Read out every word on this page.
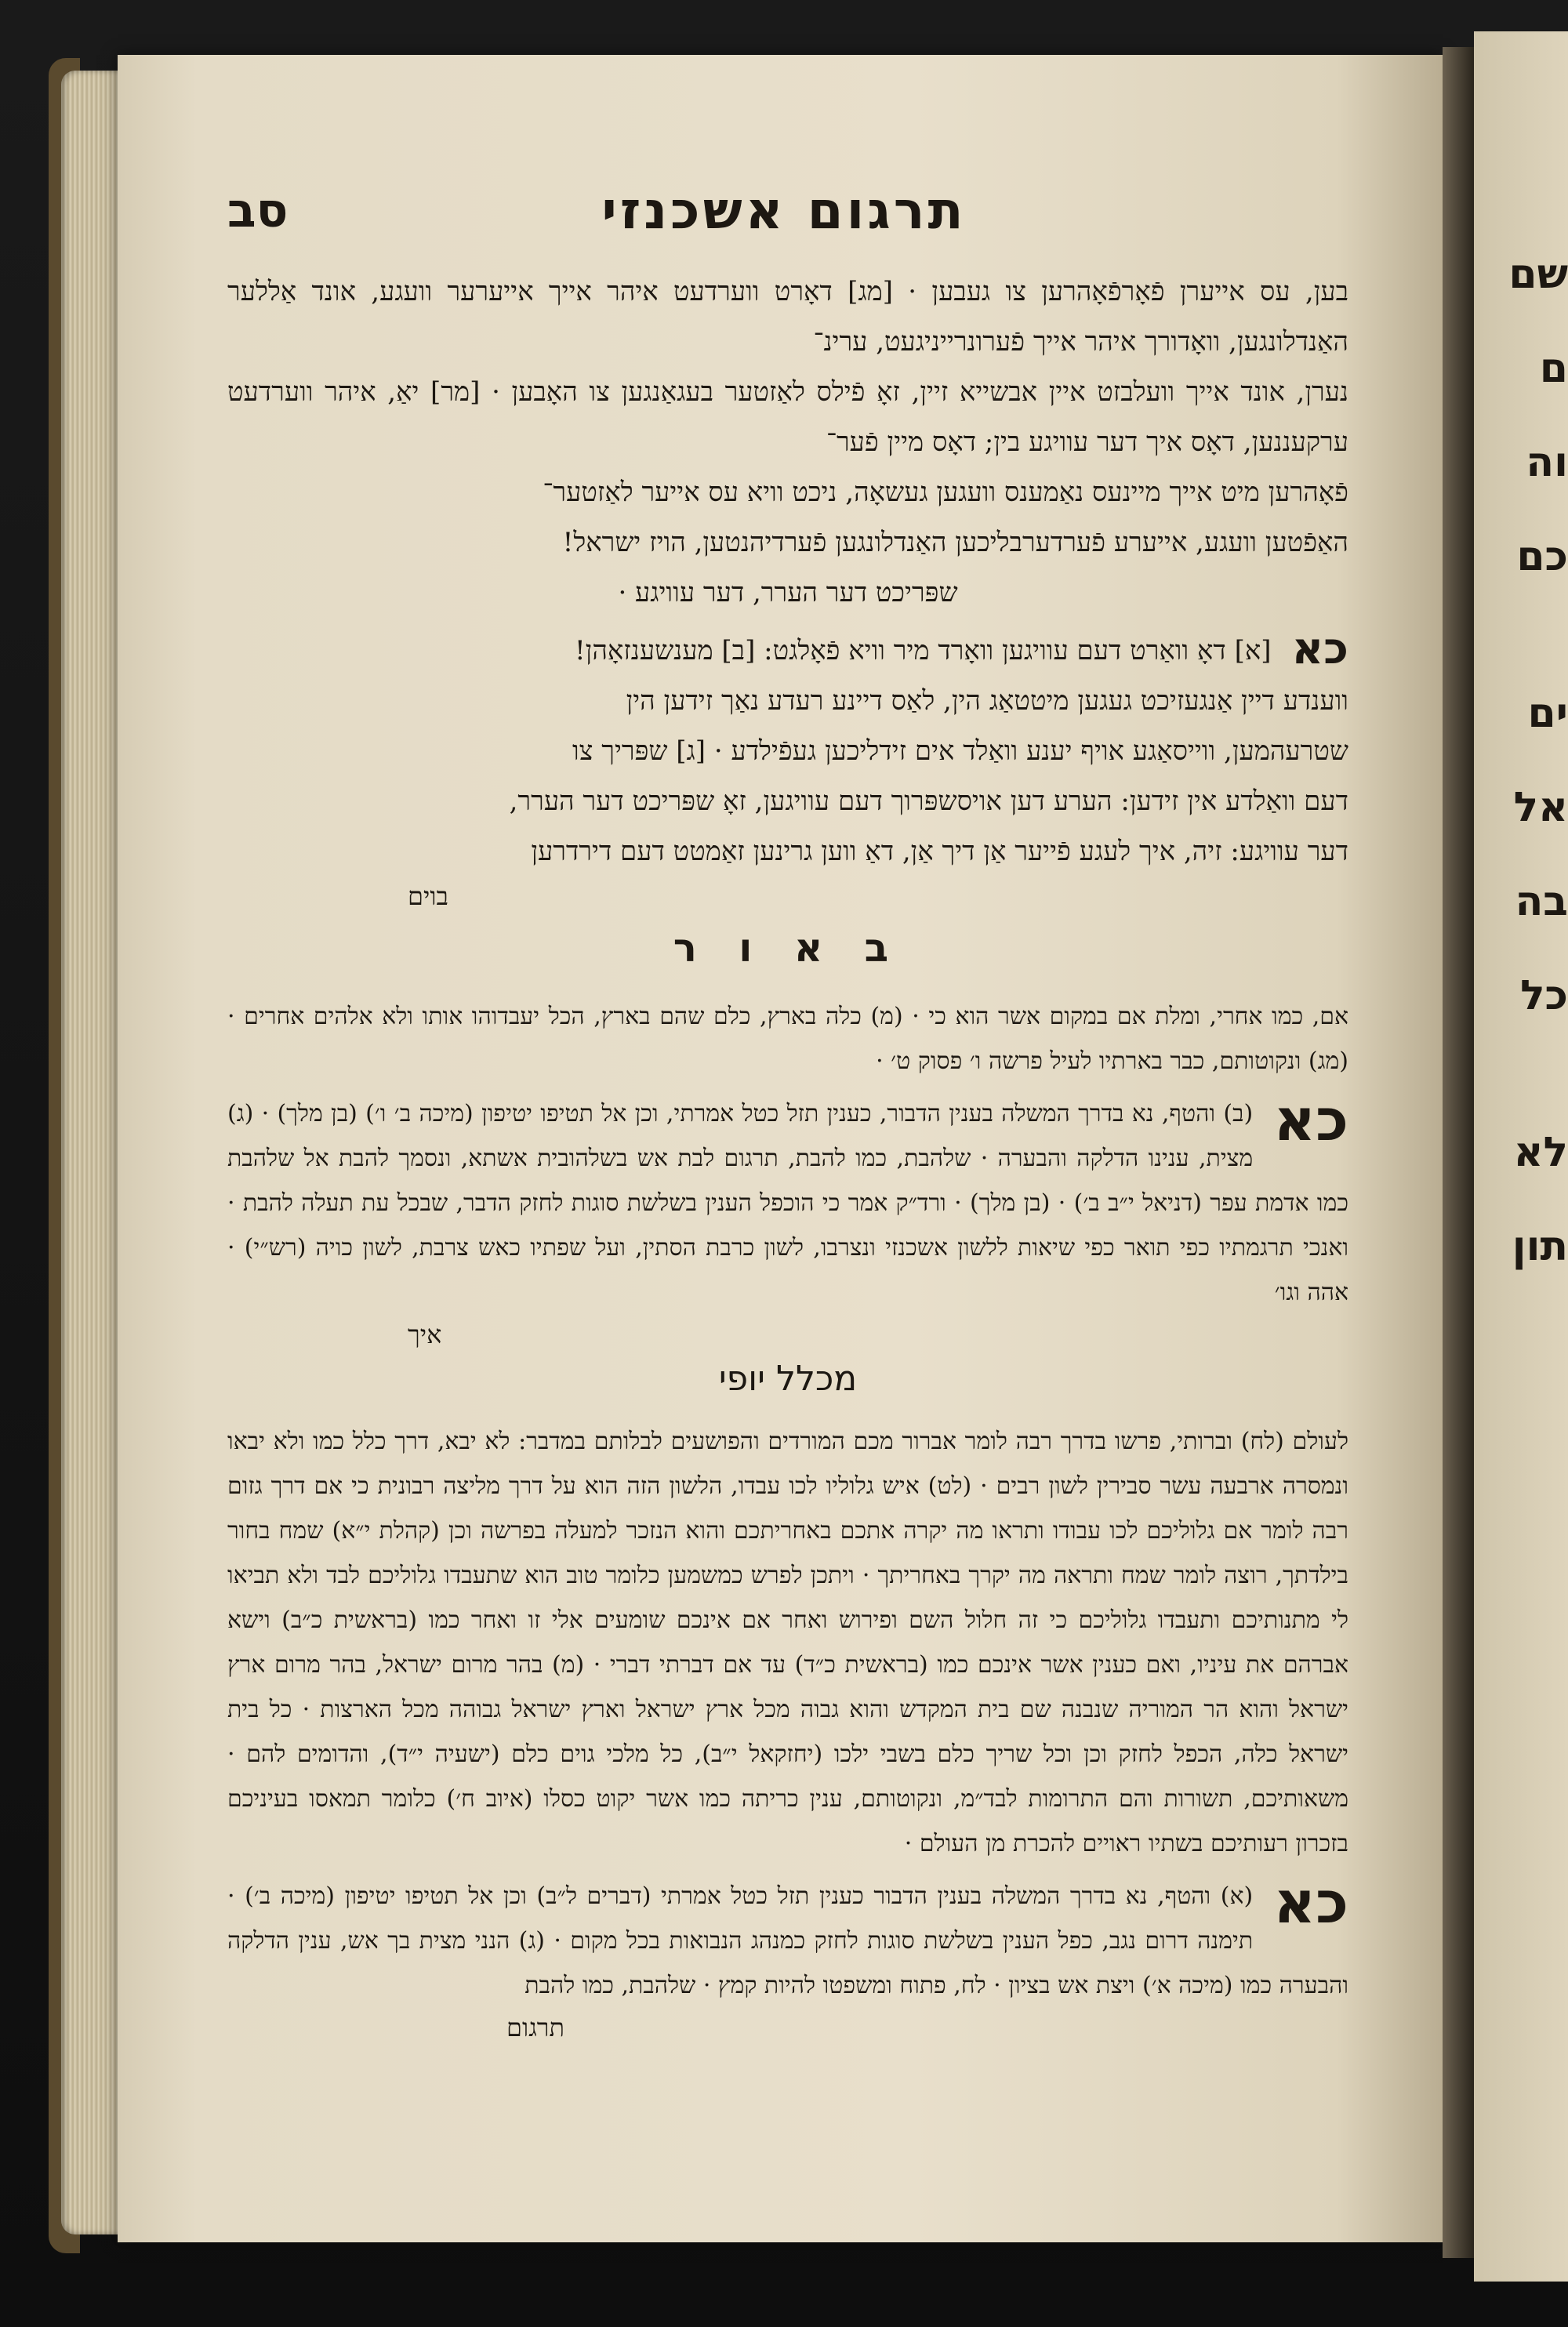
שם
ם
וה
כם
ים
אל
בה
כל
לא
תון
תרגום אשכנזי
סב

בען, עס אייערן פֿאָרפֿאָהרען צו געבען · [מג] דאָרט ווערדעט איהר אייך אייערער וועגע, אונד אַללער האַנדלונגען, וואָדורך איהר אייך פֿערונרייניגעט, ערינ־

נערן, אונד אייך וועלבזט איין אבשייא זיין, זאָ פֿילס לאַזטער בעגאַנגען צו האָבען · [מר] יאַ, איהר ווערדעט ערקעננען, דאָס איך דער עוויגע בין; דאָס מיין פֿער־

פֿאָהרען מיט אייך מיינעס נאַמענס וועגען געשאָה, ניכט וויא עס אייער לאַזטער־

האַפֿטען וועגע, אייערע פֿערדערבליכען האַנדלונגען פֿערדיהנטען, הויז ישראל!

שפּריכט דער הערר, דער עוויגע ·

כא

[א] דאָ וואַרט דעם עוויגען וואָרד מיר וויא פֿאָלגט: [ב] מענשענזאָהן!

ווענדע דיין אַנגעזיכט געגען מיטטאַג הין, לאַס דיינע רעדע נאַך זידען הין

שטרעהמען, ווייסאַגע אויף יענע וואַלד אים זידליכען געפֿילדע · [ג] שפּריך צו

דעם וואַלדע אין זידען: הערע דען אויסשפּרוך דעם עוויגען, זאָ שפּריכט דער הערר,

דער עוויגע: זיה, איך לעגע פֿייער אַן דיך אַן, דאַ ווען גרינען זאַמטט דעם דירדרען

בוים

ב א ו ר

אם, כמו אחרי, ומלת אם במקום אשר הוא כי · (מ) כלה בארץ, כלם שהם בארץ, הכל יעבדוהו אותו ולא אלהים אחרים · (מג) ונקוטותם, כבר בארתיו לעיל פרשה ו׳ פסוק ט׳ ·

כא

(ב) והטף, נא בדרך המשלה בענין הדבור, כענין תזל כטל אמרתי, וכן אל תטיפו יטיפון (מיכה ב׳ ו׳) (בן מלך) · (ג) מצית, ענינו הדלקה והבערה · שלהבת, כמו להבת, תרגום לבת אש בשלהובית אשתא, ונסמך להבת אל שלהבת כמו אדמת עפר (דניאל י״ב ב׳) · (בן מלך) · ורד״ק אמר כי הוכפל הענין בשלשת סוגות לחזק הדבר, שבכל עת תעלה להבת · ואנכי תרגמתיו כפי תואר כפי שיאות ללשון אשכנזי ונצרבו, לשון כרבת הסתין, ועל שפתיו כאש צרבת, לשון כויה (רש״י) · אהה וגו׳

איך

מכלל יופי

לעולם (לח) וברותי, פרשו בדרך רבה לומר אברור מכם המורדים והפושעים לבלותם במדבר: לא יבא, דרך כלל כמו ולא יבאו ונמסרה ארבעה עשר סבירין לשון רבים · (לט) איש גלוליו לכו עבדו, הלשון הזה הוא על דרך מליצה רבונית כי אם דרך גזום רבה לומר אם גלוליכם לכו עבודו ותראו מה יקרה אתכם באחריתכם והוא הנזכר למעלה בפרשה וכן (קהלת י״א) שמח בחור בילדתך, רוצה לומר שמח ותראה מה יקרך באחריתך · ויתכן לפרש כמשמען כלומר טוב הוא שתעבדו גלוליכם לבד ולא תביאו לי מתנותיכם ותעבדו גלוליכם כי זה חלול השם ופירוש ואחר אם אינכם שומעים אלי זו ואחר כמו (בראשית כ״ב) וישא אברהם את עיניו, ואם כענין אשר אינכם כמו (בראשית כ״ד) עד אם דברתי דברי · (מ) בהר מרום ישראל, בהר מרום ארץ ישראל והוא הר המוריה שנבנה שם בית המקדש והוא גבוה מכל ארץ ישראל וארץ ישראל גבוהה מכל הארצות · כל בית ישראל כלה, הכפל לחזק וכן וכל שריך כלם בשבי ילכו (יחזקאל י״ב), כל מלכי גוים כלם (ישעיה י״ד), והדומים להם · משאותיכם, תשורות והם התרומות לבד״מ, ונקוטותם, ענין כריתה כמו אשר יקוט כסלו (איוב ח׳) כלומר תמאסו בעיניכם בזכרון רעותיכם בשתיו ראויים להכרת מן העולם ·

כא

(א) והטף, נא בדרך המשלה בענין הדבור כענין תזל כטל אמרתי (דברים ל״ב) וכן אל תטיפו יטיפון (מיכה ב׳) · תימנה דרום נגב, כפל הענין בשלשת סוגות לחזק כמנהג הנבואות בכל מקום · (ג) הנני מצית בך אש, ענין הדלקה והבערה כמו (מיכה א׳) ויצת אש בציון · לח, פתוח ומשפטו להיות קמץ · שלהבת, כמו להבת

תרגום
